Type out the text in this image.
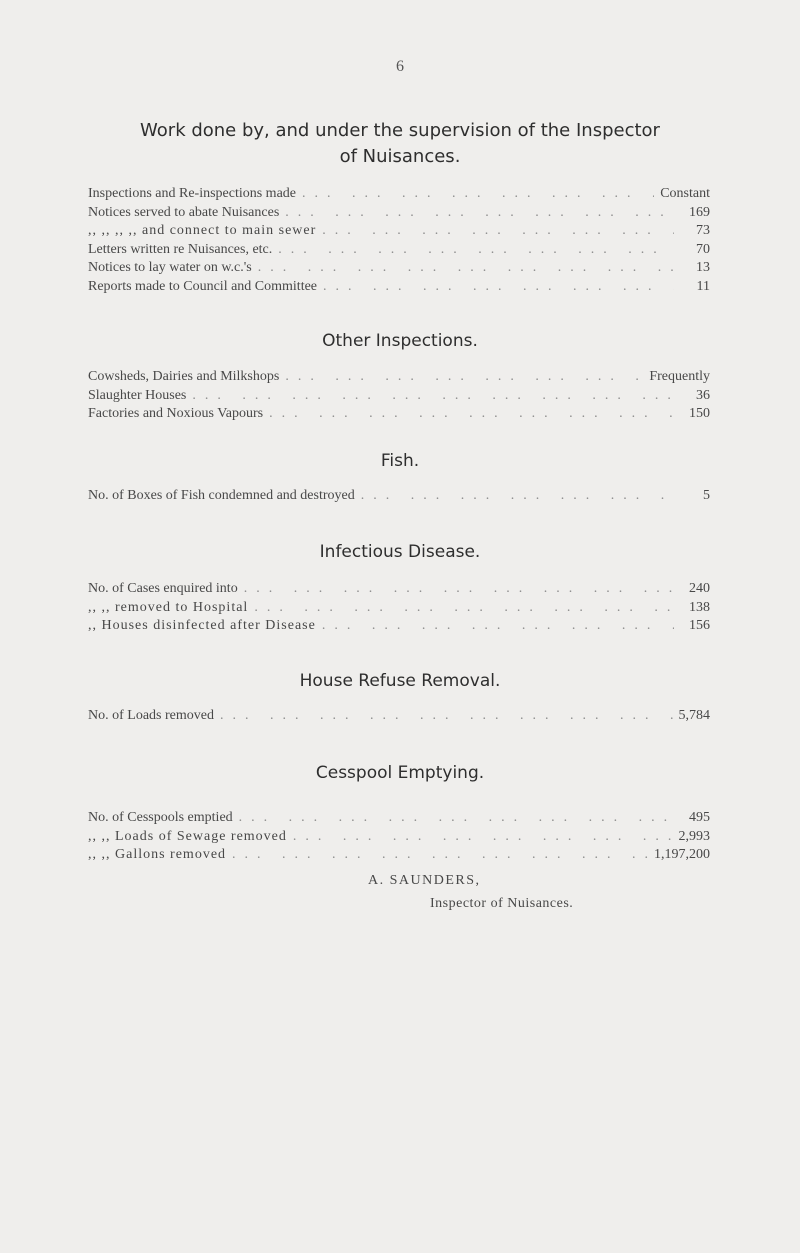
6
Work done by, and under the supervision of the Inspector
of Nuisances.
Inspections and Re-inspections made ... .	Constant
Notices served to abate Nuisances ... .	169
,, ,, ,, ,, and connect to main sewer ... .	73
Letters written re Nuisances, etc. ... .	70
Notices to lay water on w.c.'s ... .	13
Reports made to Council and Committee ... .	11
Other Inspections.
Cowsheds, Dairies and Milkshops ... .	Frequently
Slaughter Houses ... .	36
Factories and Noxious Vapours ... .	150
Fish.
No. of Boxes of Fish condemned and destroyed ... .	5
Infectious Disease.
No. of Cases enquired into ... .	240
,, ,, removed to Hospital ... .	138
,, Houses disinfected after Disease ... .	156
House Refuse Removal.
No. of Loads removed ... .	5,784
Cesspool Emptying.
No. of Cesspools emptied ... .	495
,, ,, Loads of Sewage removed ... .	2,993
,, ,, Gallons removed ... .	1,197,200
A. SAUNDERS,
Inspector of Nuisances.
